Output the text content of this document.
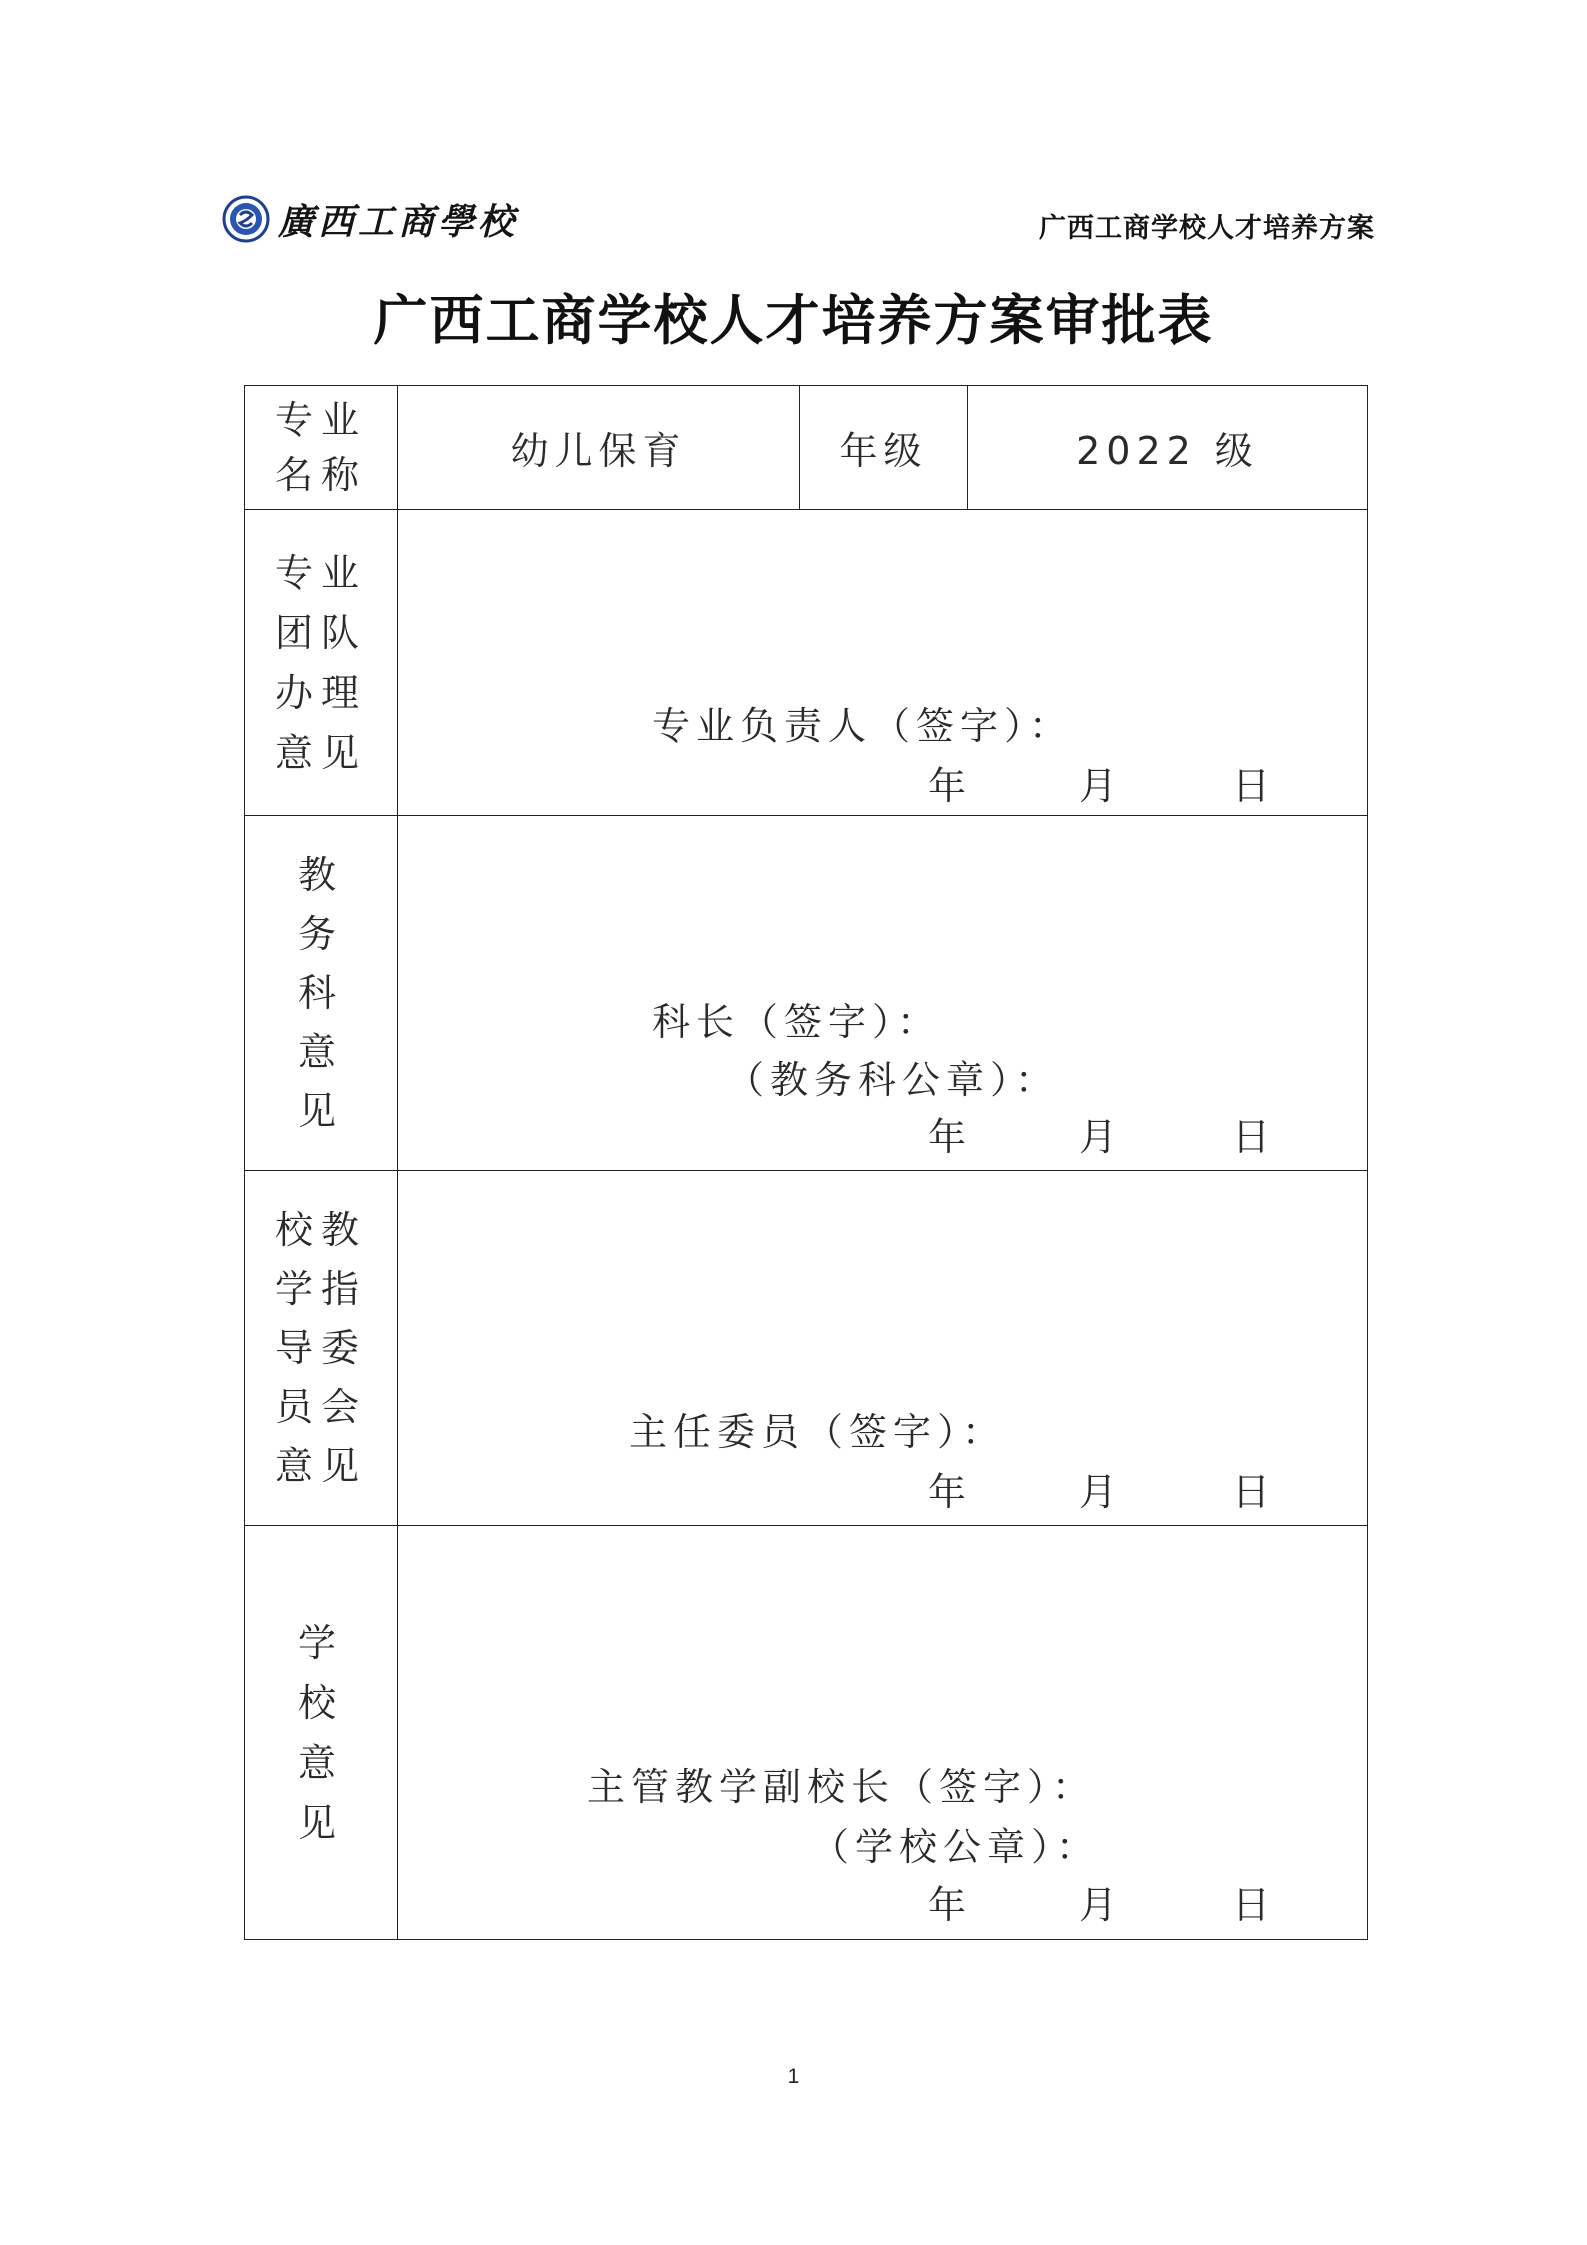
廣西工商學校	广西工商学校人才培养方案
广西工商学校人才培养方案审批表
专业
名称	幼儿保育	年级	2022 级

专业
团队
办理
意见	专业负责人（签字）：
年 月 日		

教
务
科
意
见	科长（签字）：
（教务科公章）：
年 月 日		

校教
学指
导委
员会
意见	主任委员（签字）：
年 月 日		

学
校
意
见	主管教学副校长（签字）：
（学校公章）：
年 月 日		
1
